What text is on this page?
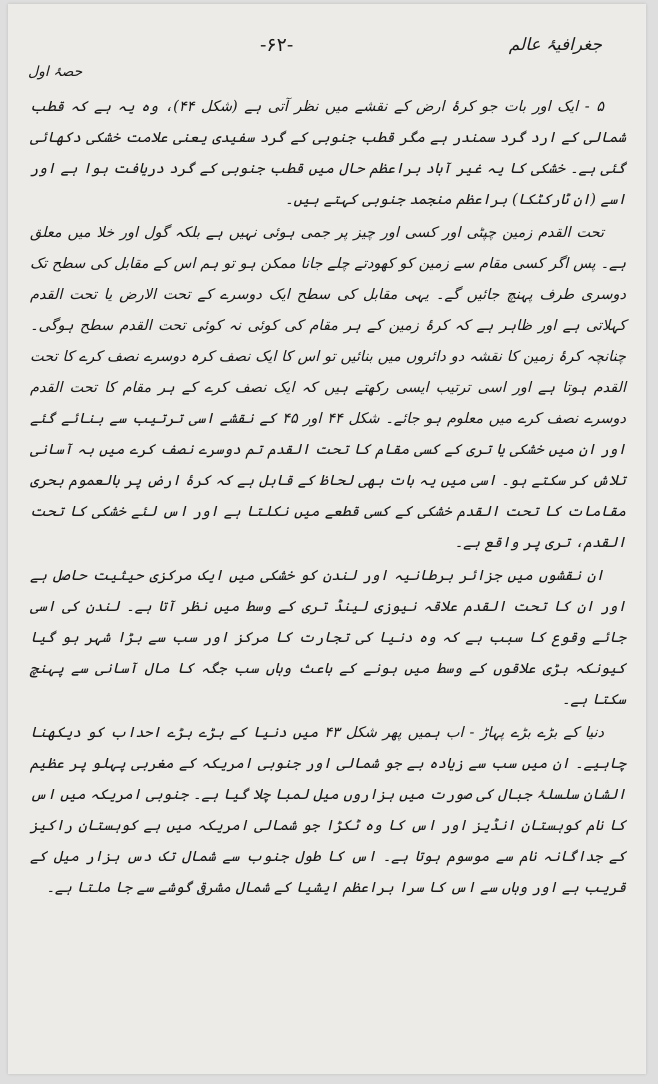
جغرافیۂ عالم
-۶۲-
حصۂ اول

۵ - ایک اور بات جو کرۂ ارض کے نقشے میں نظر آتی ہے (شکل ۴۴)، وہ یہ ہے کہ قطب شمالی کے ارد گرد سمندر ہے مگر قطب جنوبی کے گرد سفیدی یعنی علامت خشکی دکھائی گئی ہے۔ خشکی کا یہ غیر آباد براعظم حال میں قطب جنوبی کے گرد دریافت ہوا ہے اور اسے (ان ٹارکٹکا) براعظم منجمد جنوبی کہتے ہیں۔

تحت القدم زمین چپٹی اور کسی اور چیز پر جمی ہوئی نہیں ہے بلکہ گول اور خلا میں معلق ہے۔ پس اگر کسی مقام سے زمین کو کھودتے چلے جانا ممکن ہو تو ہم اس کے مقابل کی سطح تک دوسری طرف پہنچ جائیں گے۔ یہی مقابل کی سطح ایک دوسرے کے تحت الارض یا تحت القدم کہلاتی ہے اور ظاہر ہے کہ کرۂ زمین کے ہر مقام کی کوئی نہ کوئی تحت القدم سطح ہوگی۔ چنانچہ کرۂ زمین کا نقشہ دو دائروں میں بنائیں تو اس کا ایک نصف کرہ دوسرے نصف کرے کا تحت القدم ہوتا ہے اور اسی ترتیب ایسی رکھتے ہیں کہ ایک نصف کرے کے ہر مقام کا تحت القدم دوسرے نصف کرے میں معلوم ہو جائے۔ شکل ۴۴ اور ۴۵ کے نقشے اسی ترتیب سے بنائے گئے اور ان میں خشکی یا تری کے کسی مقام کا تحت القدم تم دوسرے نصف کرے میں بہ آسانی تلاش کر سکتے ہو۔ اسی میں یہ بات بھی لحاظ کے قابل ہے کہ کرۂ ارض پر بالعموم بحری مقامات کا تحت القدم خشکی کے کسی قطعے میں نکلتا ہے اور اس لئے خشکی کا تحت القدم، تری پر واقع ہے۔

ان نقشوں میں جزائر برطانیہ اور لندن کو خشکی میں ایک مرکزی حیثیت حاصل ہے اور ان کا تحت القدم علاقہ نیوزی لینڈ تری کے وسط میں نظر آتا ہے۔ لندن کی اسی جائے وقوع کا سبب ہے کہ وہ دنیا کی تجارت کا مرکز اور سب سے بڑا شہر ہو گیا کیونکہ بڑی علاقوں کے وسط میں ہونے کے باعث وہاں سب جگہ کا مال آسانی سے پہنچ سکتا ہے۔

دنیا کے بڑے بڑے پہاڑ - اب ہمیں پھر شکل ۴۳ میں دنیا کے بڑے بڑے احداب کو دیکھنا چاہیے۔ ان میں سب سے زیادہ بے جو شمالی اور جنوبی امریکہ کے مغربی پہلو پر عظیم الشان سلسلۂ جبال کی صورت میں ہزاروں میل لمبا چلا گیا ہے۔ جنوبی امریکہ میں اس کا نام کوہستان انڈیز اور اس کا وہ ٹکڑا جو شمالی امریکہ میں ہے کوہستان راکیز کے جداگانہ نام سے موسوم ہوتا ہے۔ اس کا طول جنوب سے شمال تک دس ہزار میل کے قریب ہے اور وہاں سے اس کا سرا براعظم ایشیا کے شمال مشرقی گوشے سے جا ملتا ہے۔
